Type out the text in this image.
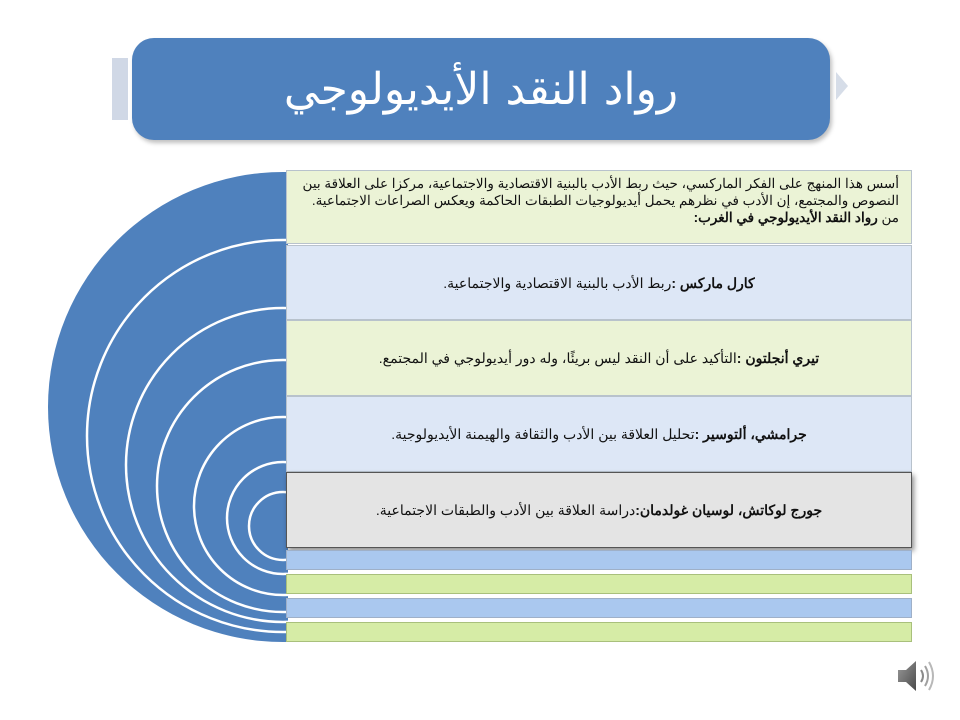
رواد النقد الأيديولوجي
أسس هذا المنهج على الفكر الماركسي، حيث ربط الأدب بالبنية الاقتصادية والاجتماعية، مركزا على العلاقة بين النصوص والمجتمع، إن الأدب في نظرهم يحمل أيديولوجيات الطبقات الحاكمة ويعكس الصراعات الاجتماعية. من رواد النقد الأيديولوجي في الغرب:
كارل ماركس :ربط الأدب بالبنية الاقتصادية والاجتماعية.
تيري أنجلتون :التأكيد على أن النقد ليس بريئًا، وله دور أيديولوجي في المجتمع.
جرامشي، ألتوسير :تحليل العلاقة بين الأدب والثقافة والهيمنة الأيديولوجية.
جورج لوكاتش، لوسيان غولدمان:دراسة العلاقة بين الأدب والطبقات الاجتماعية.
